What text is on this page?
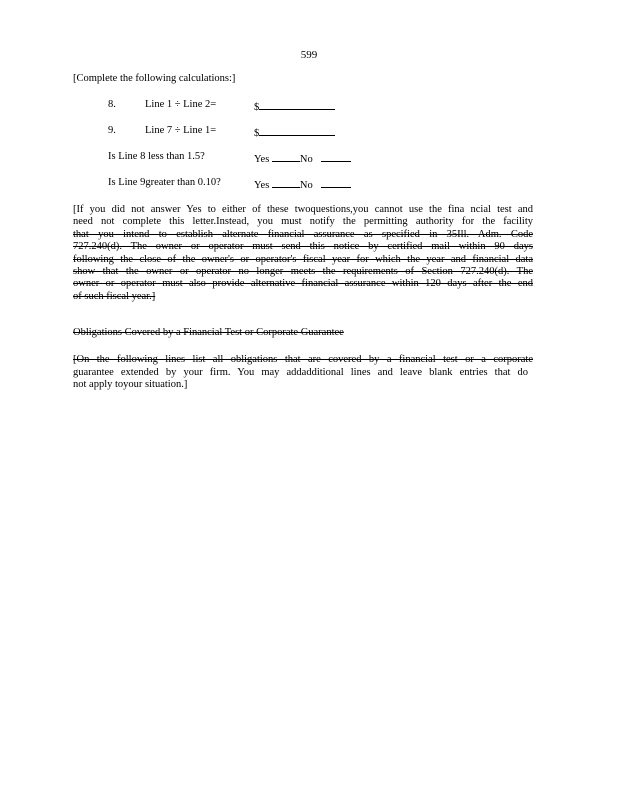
599
[Complete the following calculations:]
8.	Line 1 ÷ Line 2=	$
9.	Line 7 ÷ Line 1=	$
Is Line 8 less than 1.5?	Yes	No
Is Line 9greater than 0.10?	Yes	No
[If you did not answer Yes to either of these twoquestions,you cannot use the fina ncial test and
need not complete this letter.Instead, you must notify the permitting authority for the facility
that you intend to establish alternate financial assurance as specified in 35Ill. Adm. Code
727.240(d). The owner or operator must send this notice by certified mail within 90 days
following the close of the owner's or operator's fiscal year for which the year and financial data
show that the owner or operator no longer meets the requirements of Section 727.240(d). The
owner or operator must also provide alternative financial assurance within 120 days after the end
of such fiscal year.]
Obligations Covered by a Financial Test or Corporate Guarantee
[On the following lines list all obligations that are covered by a financial test or a corporate
guarantee extended by your firm. You may addadditional lines and leave blank entries that do
not apply toyour situation.]
